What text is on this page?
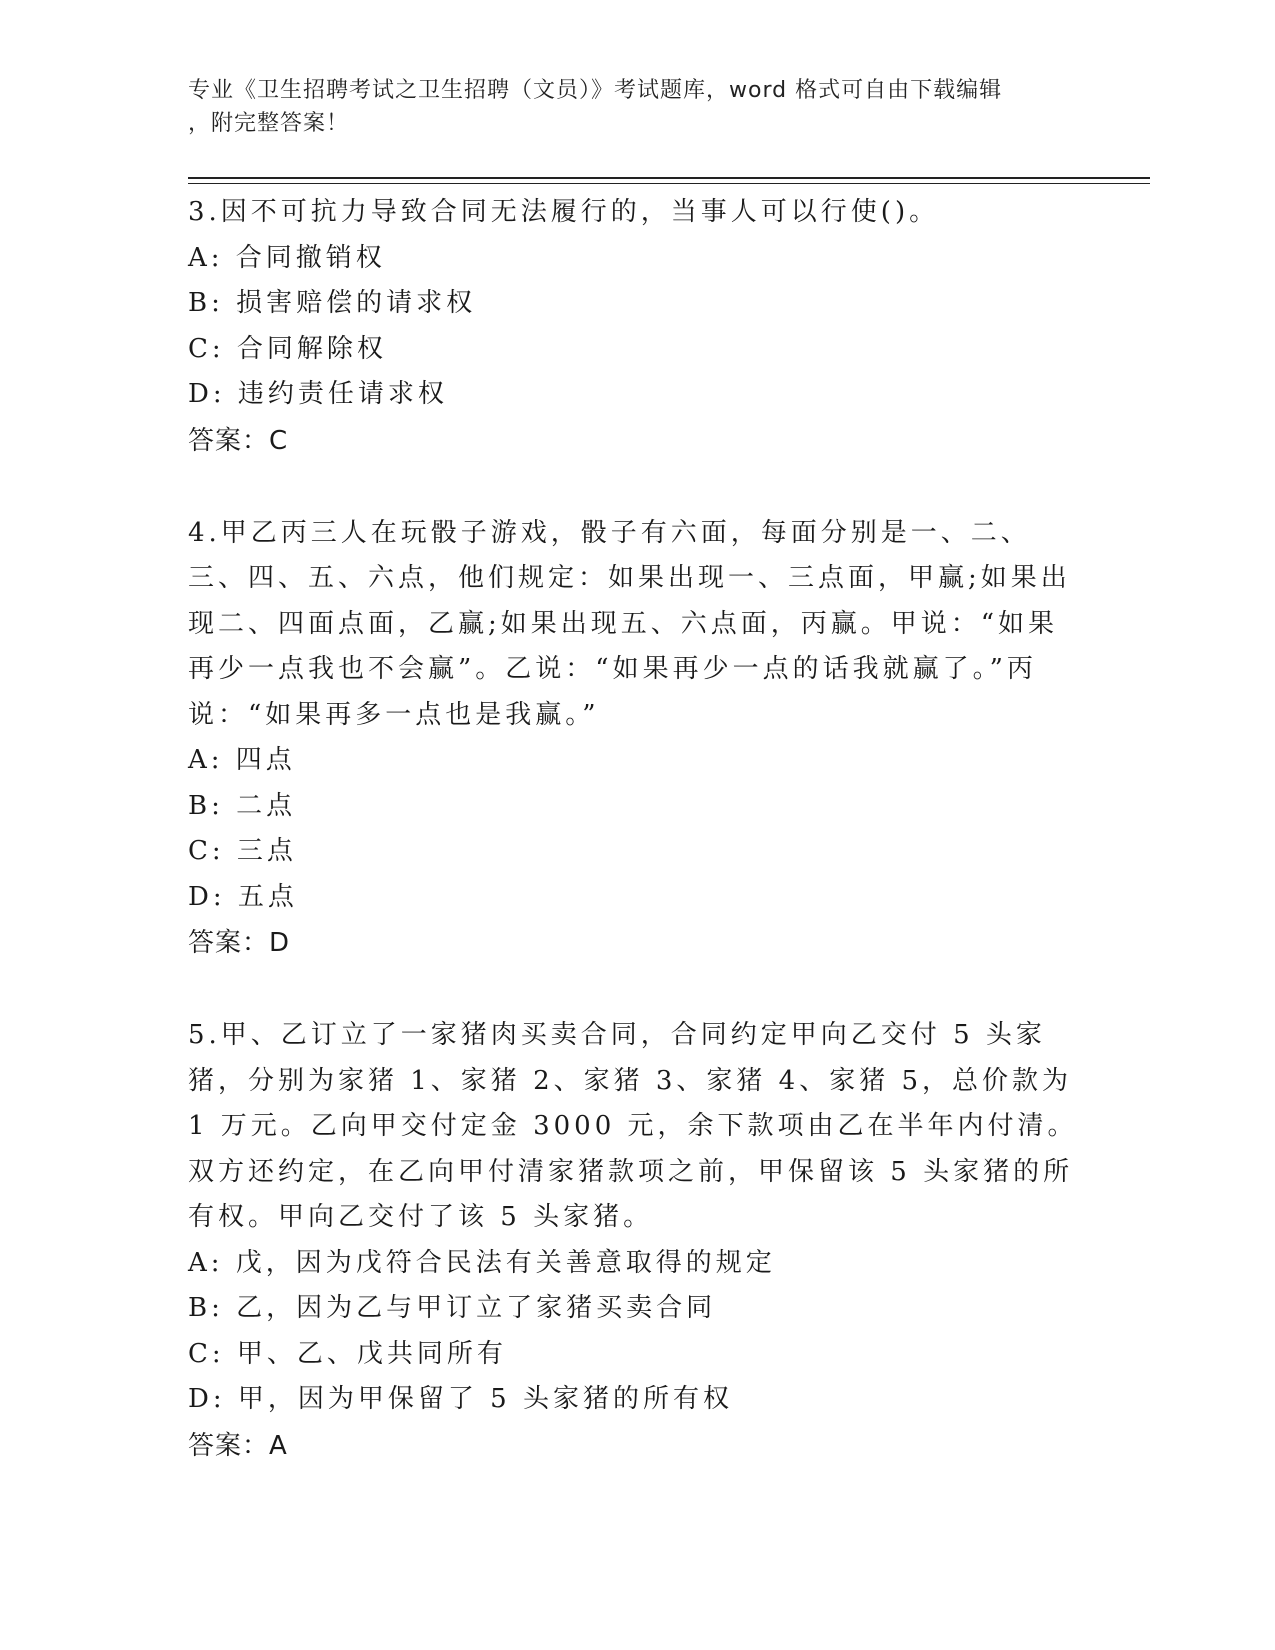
专业《卫生招聘考试之卫生招聘（文员）》考试题库，word 格式可自由下载编辑
，附完整答案！

3.因不可抗力导致合同无法履行的，当事人可以行使()。

A: 合同撤销权

B: 损害赔偿的请求权

C: 合同解除权

D: 违约责任请求权

答案：C

4.甲乙丙三人在玩骰子游戏，骰子有六面，每面分别是一、二、三、四、五、六点，他们规定：如果出现一、三点面，甲赢;如果出现二、四面点面，乙赢;如果出现五、六点面，丙赢。甲说：“如果再少一点我也不会赢”。乙说：“如果再少一点的话我就赢了。”丙说：“如果再多一点也是我赢。”

A: 四点

B: 二点

C: 三点

D: 五点

答案：D

5.甲、乙订立了一家猪肉买卖合同，合同约定甲向乙交付 5 头家猪，分别为家猪 1、家猪 2、家猪 3、家猪 4、家猪 5，总价款为 1 万元。乙向甲交付定金 3000 元，余下款项由乙在半年内付清。双方还约定，在乙向甲付清家猪款项之前，甲保留该 5 头家猪的所有权。甲向乙交付了该 5 头家猪。

A: 戊，因为戊符合民法有关善意取得的规定

B: 乙，因为乙与甲订立了家猪买卖合同

C: 甲、乙、戊共同所有

D: 甲，因为甲保留了 5 头家猪的所有权

答案：A
